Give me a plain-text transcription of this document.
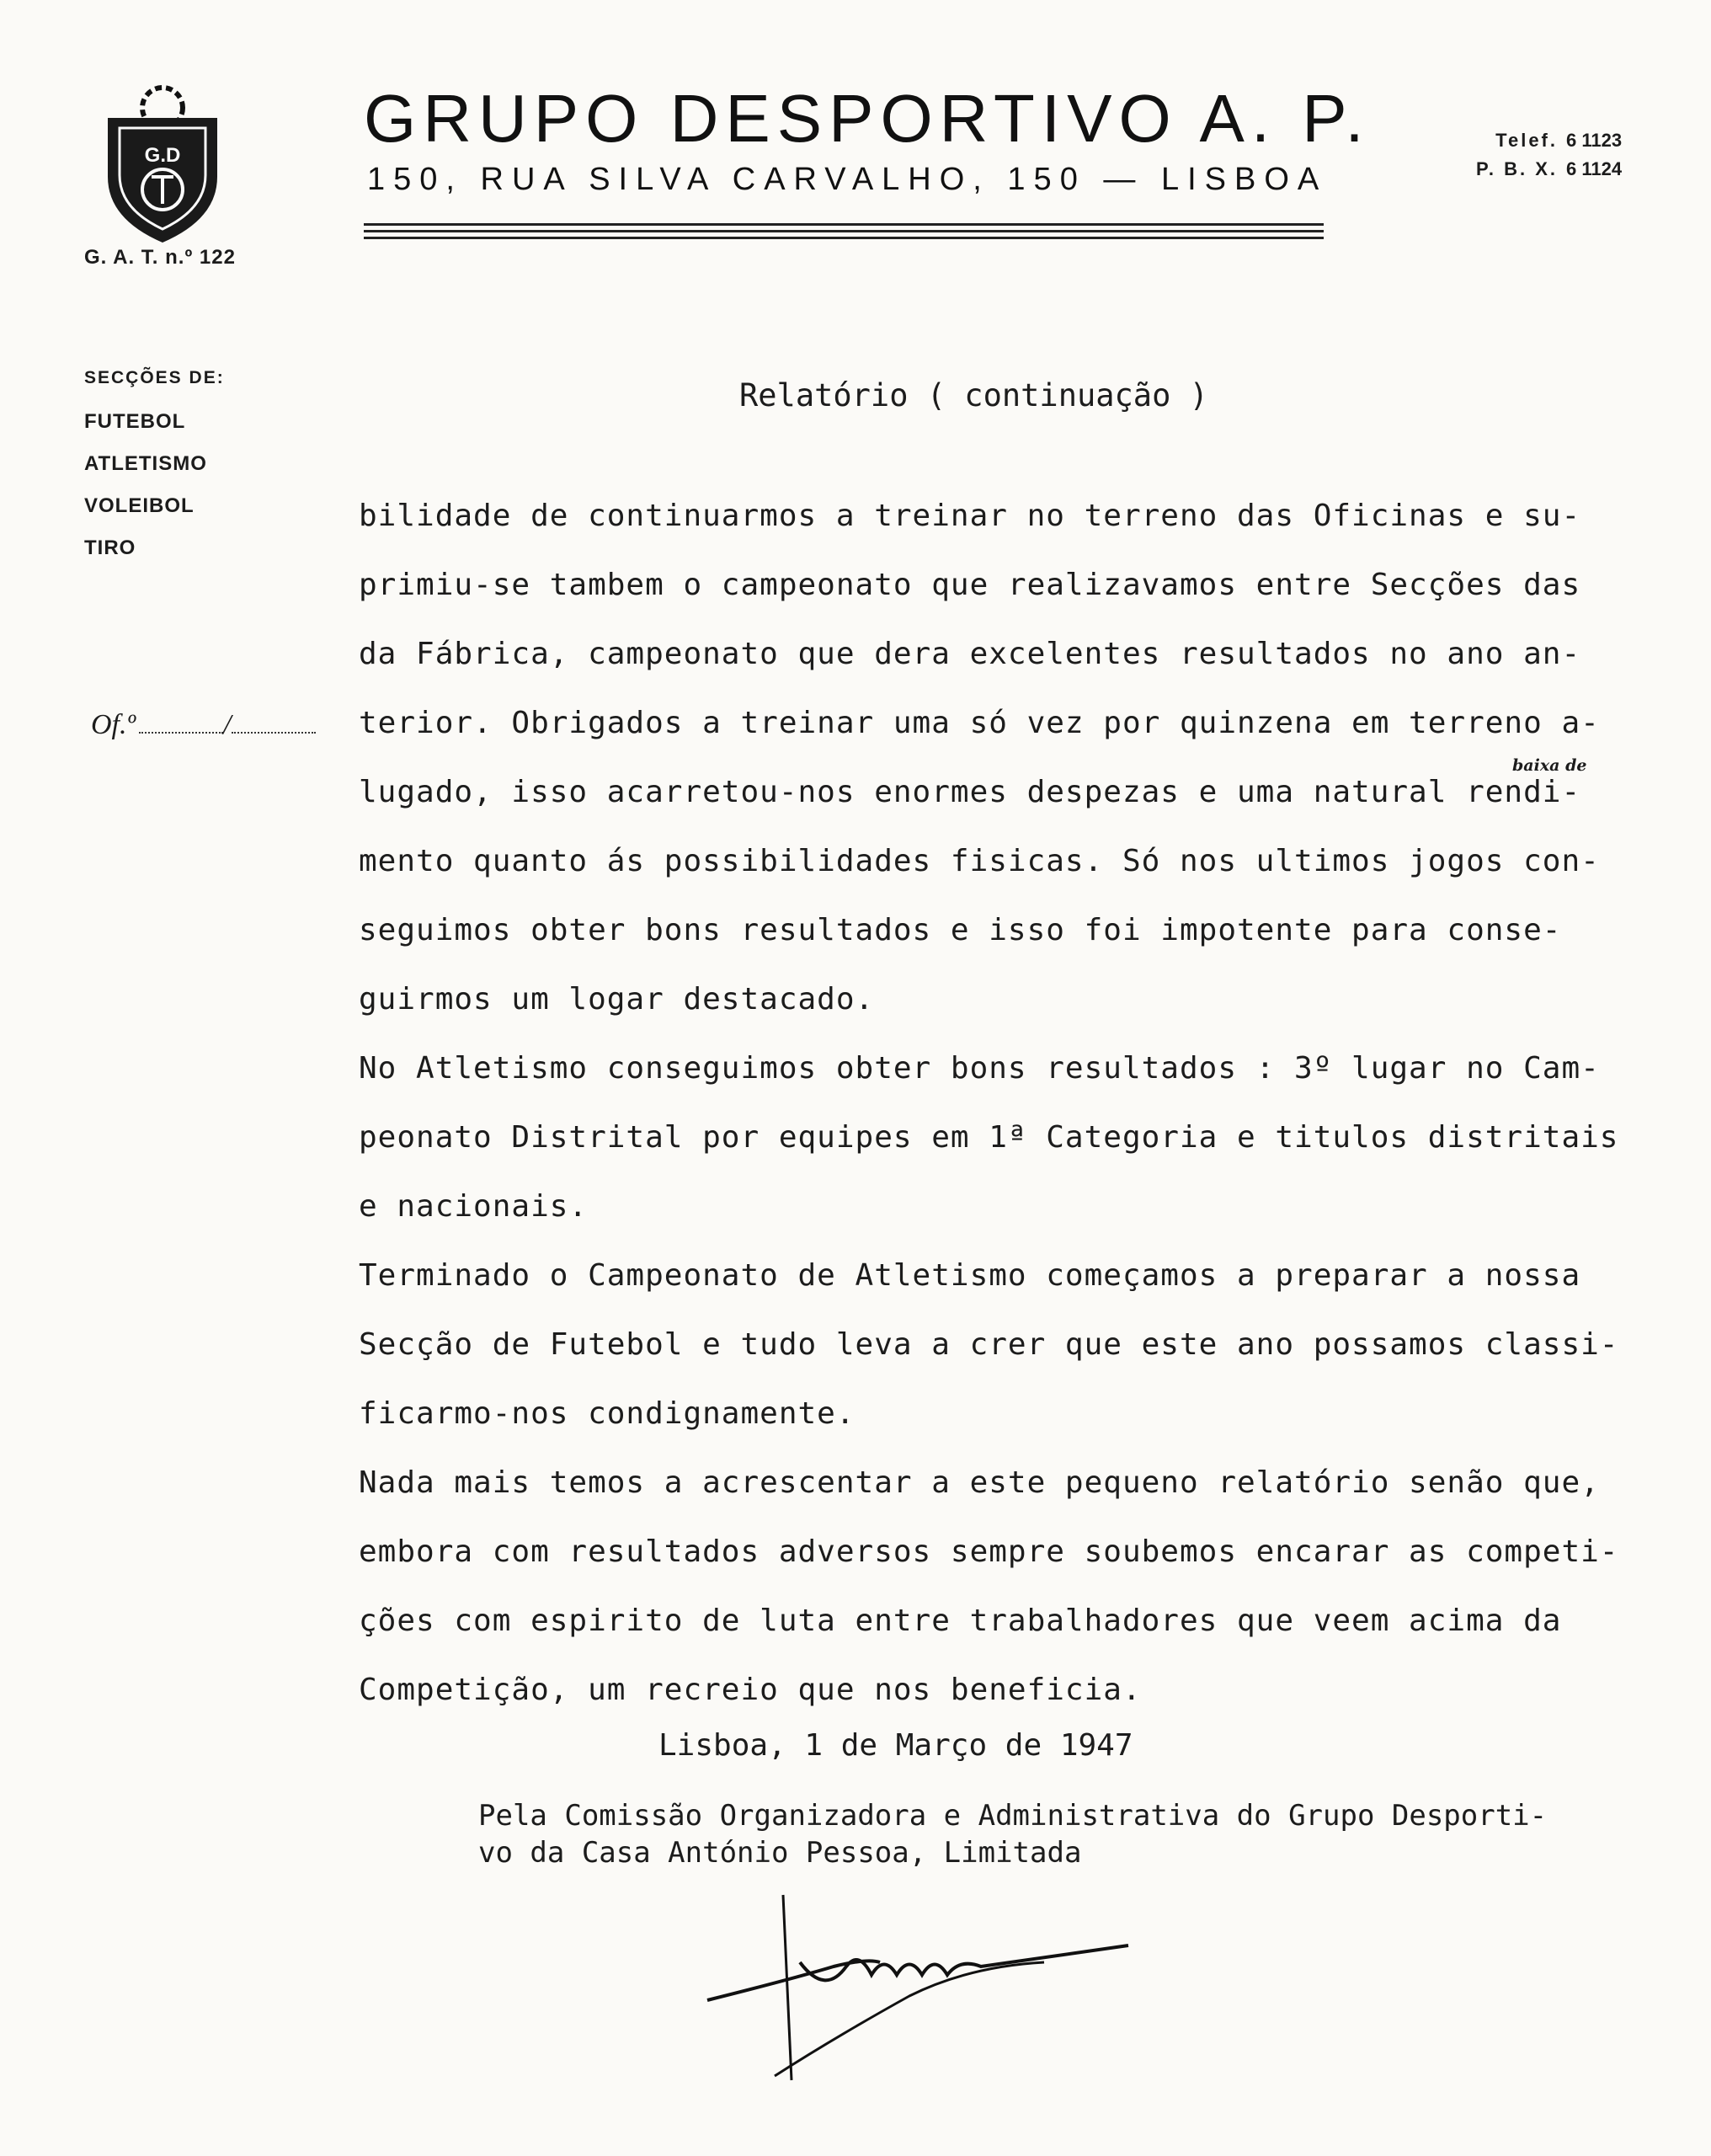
G.D
G. A. T. n.º 122
GRUPO DESPORTIVO A. P.
150, RUA SILVA CARVALHO, 150 — LISBOA
Telef. 6 1123
P. B. X. 6 1124
SECÇÕES DE:
FUTEBOL
ATLETISMO
VOLEIBOL
TIRO
Of.º	/
Relatório ( continuação )
baixa de
bilidade de continuarmos a treinar no terreno das Oficinas e su-
primiu-se tambem o campeonato que realizavamos entre Secções das
da Fábrica, campeonato que dera excelentes resultados no ano an-
terior. Obrigados a treinar uma só vez por quinzena em terreno a-
lugado, isso acarretou-nos enormes despezas e uma natural rendi-
mento quanto ás possibilidades fisicas. Só nos ultimos jogos con-
seguimos obter bons resultados e isso foi impotente para conse-
guirmos um logar destacado.
No Atletismo conseguimos obter bons resultados : 3º lugar no Cam-
peonato Distrital por equipes em 1ª Categoria e titulos distritais
e nacionais.
Terminado o Campeonato de Atletismo começamos a preparar a nossa
Secção de Futebol e tudo leva a crer que este ano possamos classi-
ficarmo-nos condignamente.
Nada mais temos a acrescentar a este pequeno relatório senão que,
embora com resultados adversos sempre soubemos encarar as competi-
ções com espirito de luta entre trabalhadores que veem acima da
Competição, um recreio que nos beneficia.
Lisboa, 1 de Março de 1947
Pela Comissão Organizadora e Administrativa do Grupo Desporti-
vo da Casa António Pessoa, Limitada
